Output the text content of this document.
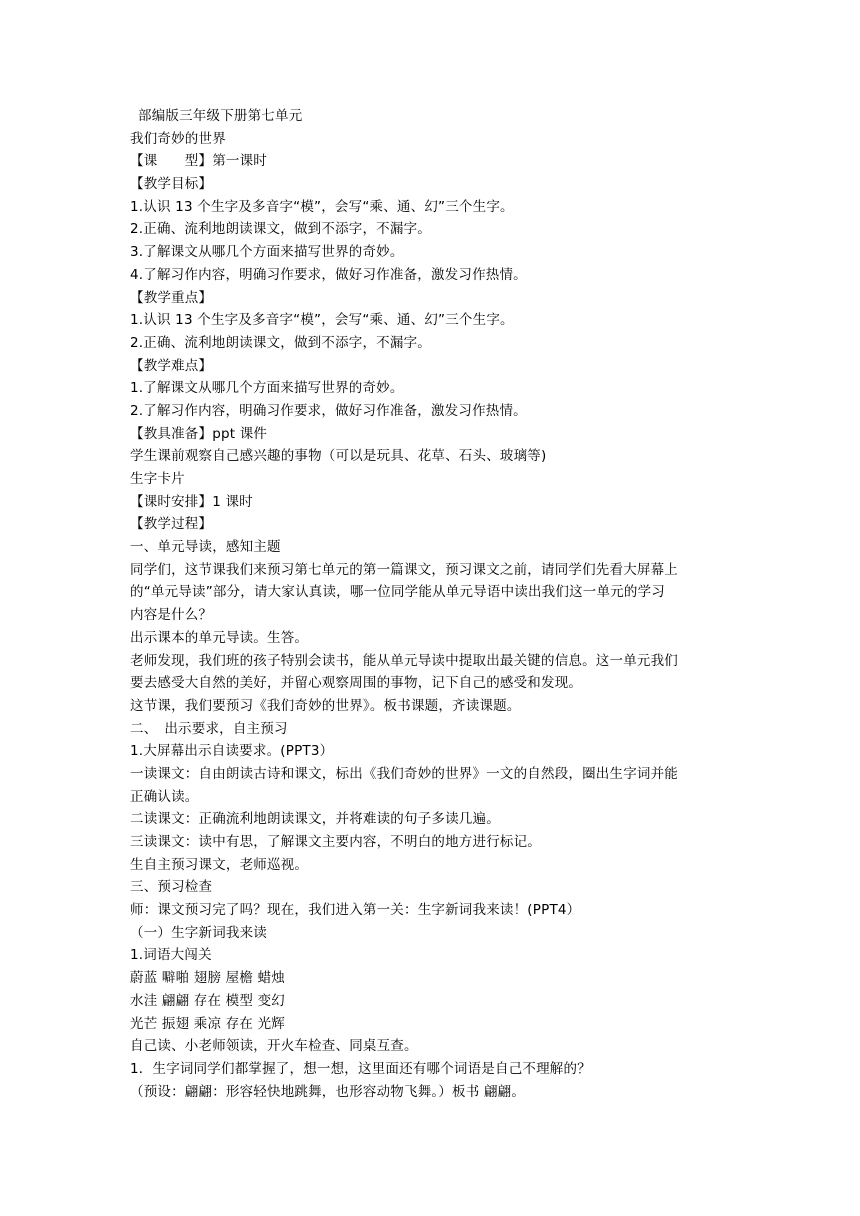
部编版三年级下册第七单元
我们奇妙的世界
【课　　型】第一课时
【教学目标】
1.认识 13 个生字及多音字“模”，会写“乘、通、幻”三个生字。
2.正确、流利地朗读课文，做到不添字，不漏字。
3.了解课文从哪几个方面来描写世界的奇妙。
4.了解习作内容，明确习作要求，做好习作准备，激发习作热情。
【教学重点】
1.认识 13 个生字及多音字“模”，会写“乘、通、幻”三个生字。
2.正确、流利地朗读课文，做到不添字，不漏字。
【教学难点】
1.了解课文从哪几个方面来描写世界的奇妙。
2.了解习作内容，明确习作要求，做好习作准备，激发习作热情。
【教具准备】ppt 课件
学生课前观察自己感兴趣的事物（可以是玩具、花草、石头、玻璃等)
生字卡片
【课时安排】1 课时
【教学过程】
一、单元导读，感知主题
同学们，这节课我们来预习第七单元的第一篇课文，预习课文之前，请同学们先看大屏幕上
的“单元导读”部分，请大家认真读，哪一位同学能从单元导语中读出我们这一单元的学习
内容是什么？
出示课本的单元导读。生答。
老师发现，我们班的孩子特别会读书，能从单元导读中提取出最关键的信息。这一单元我们
要去感受大自然的美好，并留心观察周围的事物，记下自己的感受和发现。
这节课，我们要预习《我们奇妙的世界》。板书课题，齐读课题。
二、　出示要求，自主预习
1.大屏幕出示自读要求。(PPT3）
一读课文：自由朗读古诗和课文，标出《我们奇妙的世界》一文的自然段，圈出生字词并能
正确认读。
二读课文：正确流利地朗读课文，并将难读的句子多读几遍。
三读课文：读中有思，了解课文主要内容，不明白的地方进行标记。
生自主预习课文，老师巡视。
三、预习检查
师：课文预习完了吗？现在，我们进入第一关：生字新词我来读！(PPT4）
（一）生字新词我来读
1.词语大闯关
蔚蓝 噼啪 翅膀 屋檐 蜡烛
水洼 翩翩 存在 模型 变幻
光芒 振翅 乘凉 存在 光辉
自己读、小老师领读，开火车检查、同桌互查。
1．生字词同学们都掌握了，想一想，这里面还有哪个词语是自己不理解的？
（预设：翩翩：形容轻快地跳舞，也形容动物飞舞。）板书 翩翩。
